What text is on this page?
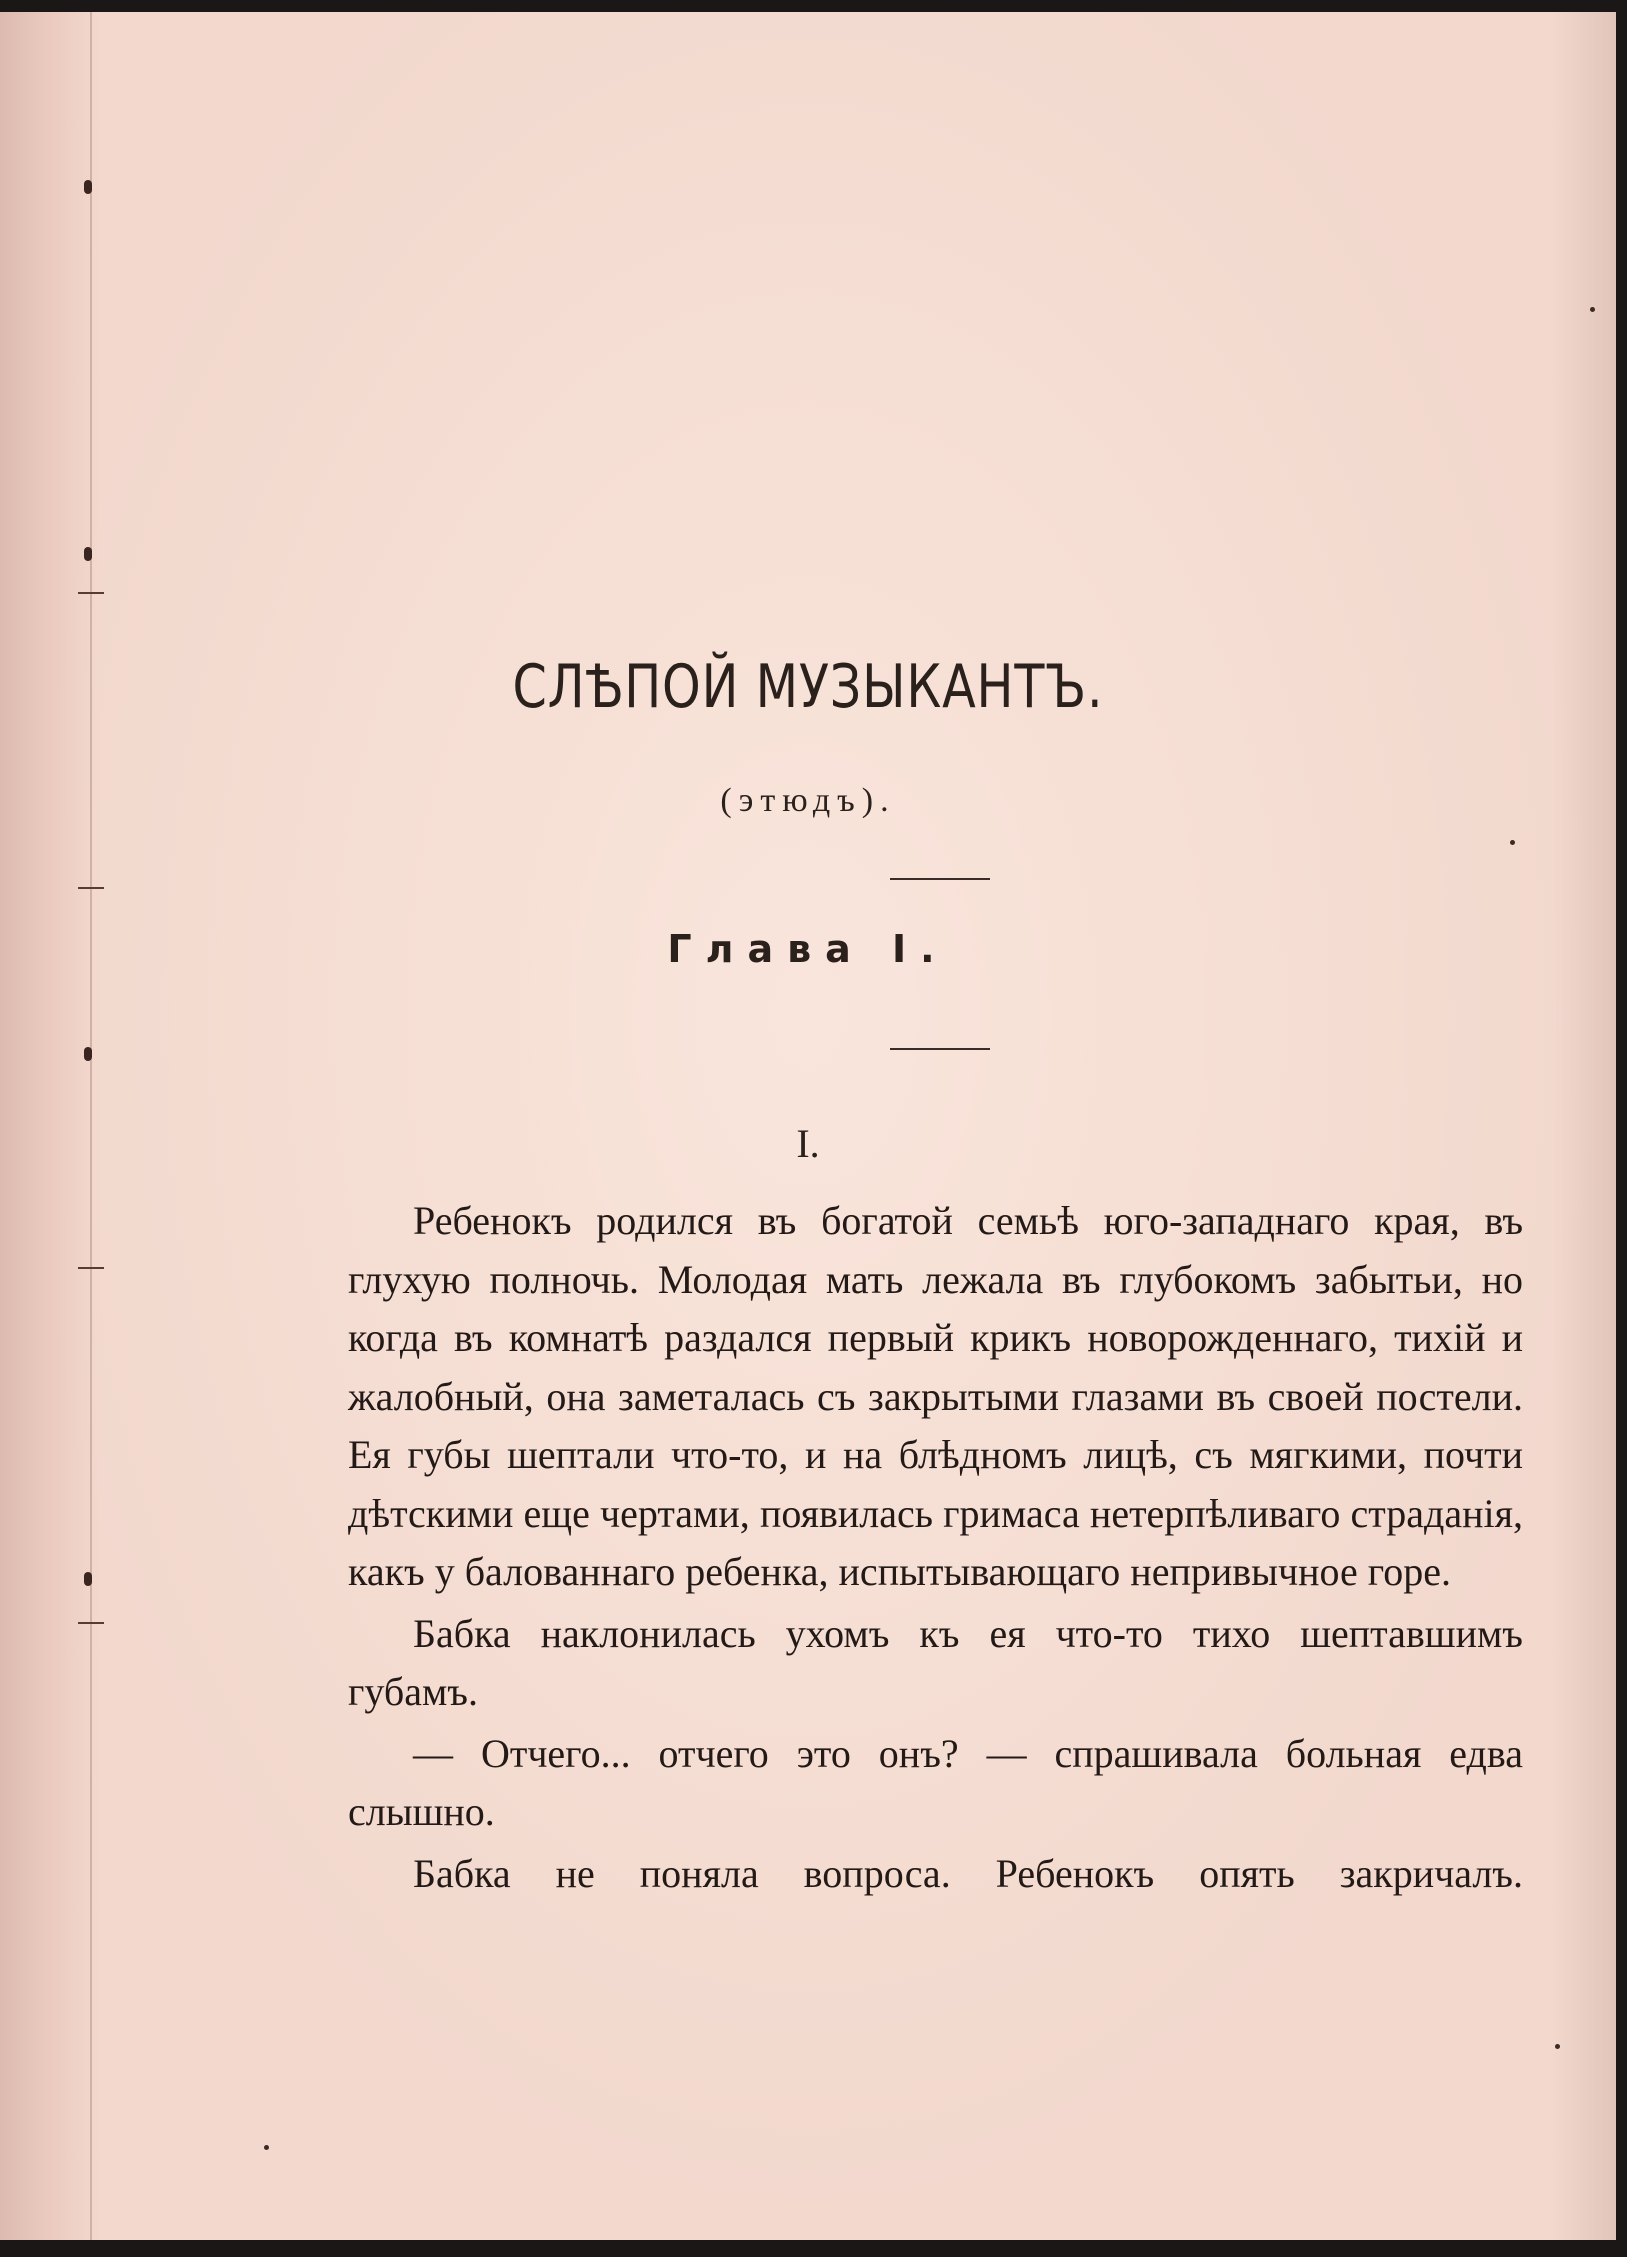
СЛѢПОЙ МУЗЫКАНТЪ.
(этюдъ).
Глава I.
I.

Ребенокъ родился въ богатой семьѣ юго-западнаго края, въ глухую полночь. Молодая мать лежала въ глубокомъ забытьи, но когда въ комнатѣ раздался первый крикъ новорожденнаго, тихій и жалобный, она заметалась съ закрытыми глазами въ своей постели. Ея губы шептали что-то, и на блѣдномъ лицѣ, съ мягкими, почти дѣтскими еще чертами, появилась гримаса нетерпѣливаго страданія, какъ у балованнаго ребенка, испытывающаго непривычное горе.

Бабка наклонилась ухомъ къ ея что-то тихо шептавшимъ губамъ.

— Отчего... отчего это онъ? — спрашивала больная едва слышно.

Бабка не поняла вопроса. Ребенокъ опять закричалъ.
